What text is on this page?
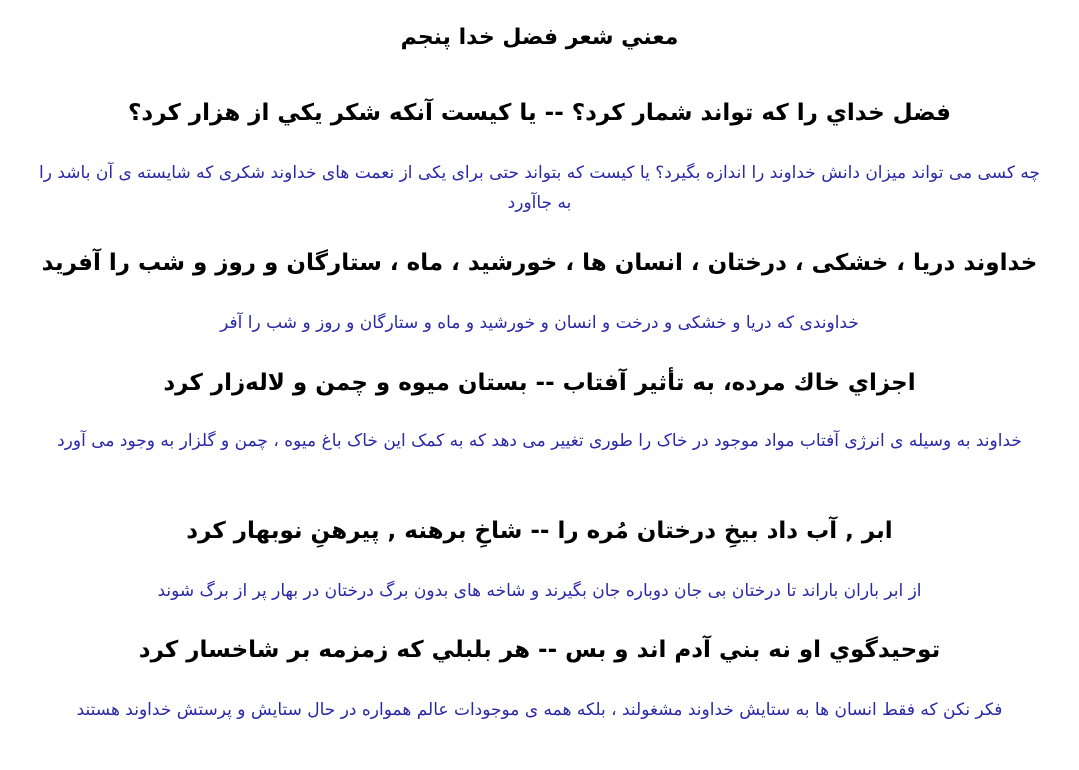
معني شعر فضل خدا پنجم
فضل خداي را كه تواند شمار كرد؟ -- يا كيست آنكه شكر يكي از هزار كرد؟
چه کسی می تواند میزان دانش خداوند را اندازه بگیرد؟ یا کیست که بتواند حتی برای یکی از نعمت های خداوند شکری که شایسته ی آن باشد را به جاآورد
خداوند دریا ، خشکی ، درختان ، انسان ها ، خورشید ، ماه ، ستارگان و روز و شب را آفرید
خداوندی که دریا و خشکی و درخت و انسان و خورشید و ماه و ستارگان و روز و شب را آفر
اجزاي خاك مرده، به تأثير آفتاب -- بستان ميوه و چمن و لاله‌زار كرد
خداوند به وسیله ی انرژی آفتاب مواد موجود در خاک را طوری تغییر می دهد که به کمک این خاک باغ میوه ، چمن و گلزار به وجود می آورد
ابر , آب داد بیخِ درختان مُره را -- شاخِ برهنه , پیرهنِ نوبهار کرد
از ابر باران باراند تا درختان بی جان دوباره جان بگیرند و شاخه های بدون برگ درختان در بهار پر از برگ شوند
توحيدگوي او نه بني آدم اند و بس -- هر بلبلي كه زمزمه بر شاخسار كرد
فکر نکن که فقط انسان ها به ستایش خداوند مشغولند ، بلکه همه ی موجودات عالم همواره در حال ستایش و پرستش خداوند هستند
